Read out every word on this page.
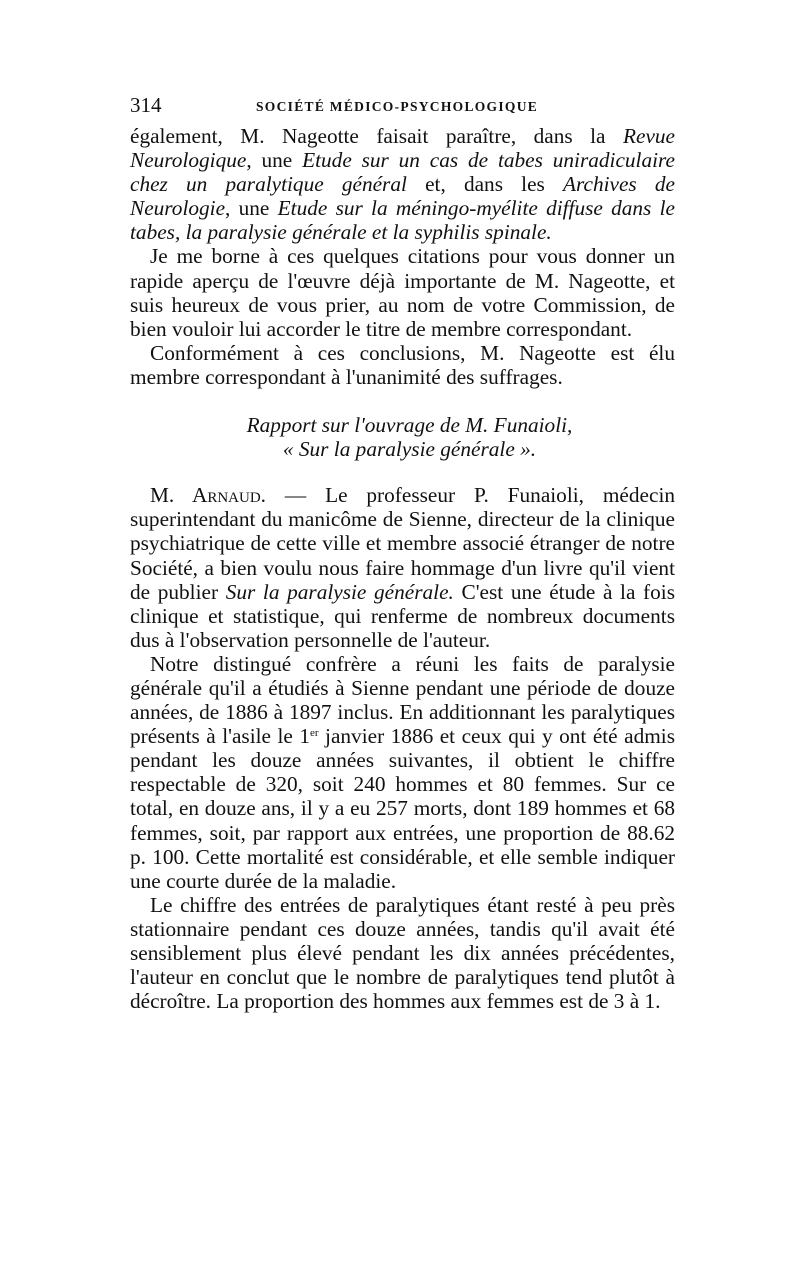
314	SOCIÉTÉ MÉDICO-PSYCHOLOGIQUE

également, M. Nageotte faisait paraître, dans la Revue Neurologique, une Etude sur un cas de tabes uniradiculaire chez un paralytique général et, dans les Archives de Neurologie, une Etude sur la méningo-myélite diffuse dans le tabes, la paralysie générale et la syphilis spinale.

Je me borne à ces quelques citations pour vous donner un rapide aperçu de l'œuvre déjà importante de M. Nageotte, et suis heureux de vous prier, au nom de votre Commission, de bien vouloir lui accorder le titre de membre correspondant.

Conformément à ces conclusions, M. Nageotte est élu membre correspondant à l'unanimité des suffrages.

Rapport sur l'ouvrage de M. Funaioli,

« Sur la paralysie générale ».

M. Arnaud. — Le professeur P. Funaioli, médecin superintendant du manicôme de Sienne, directeur de la clinique psychiatrique de cette ville et membre associé étranger de notre Société, a bien voulu nous faire hommage d'un livre qu'il vient de publier Sur la paralysie générale. C'est une étude à la fois clinique et statistique, qui renferme de nombreux documents dus à l'observation personnelle de l'auteur.

Notre distingué confrère a réuni les faits de paralysie générale qu'il a étudiés à Sienne pendant une période de douze années, de 1886 à 1897 inclus. En additionnant les paralytiques présents à l'asile le 1er janvier 1886 et ceux qui y ont été admis pendant les douze années suivantes, il obtient le chiffre respectable de 320, soit 240 hommes et 80 femmes. Sur ce total, en douze ans, il y a eu 257 morts, dont 189 hommes et 68 femmes, soit, par rapport aux entrées, une proportion de 88.62 p. 100. Cette mortalité est considérable, et elle semble indiquer une courte durée de la maladie.

Le chiffre des entrées de paralytiques étant resté à peu près stationnaire pendant ces douze années, tandis qu'il avait été sensiblement plus élevé pendant les dix années précédentes, l'auteur en conclut que le nombre de paralytiques tend plutôt à décroître. La proportion des hommes aux femmes est de 3 à 1.
